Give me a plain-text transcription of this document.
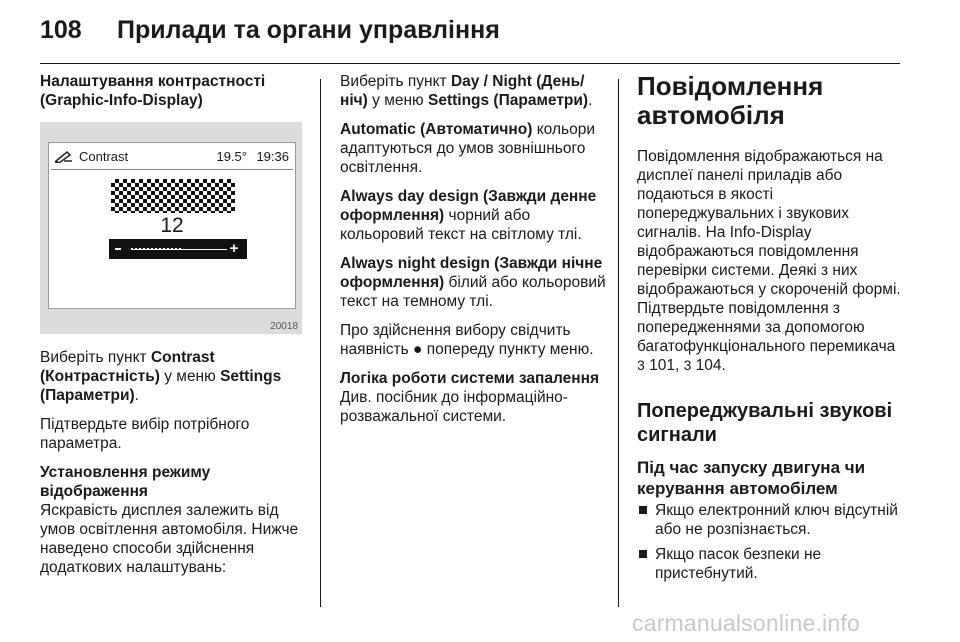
108 Прилади та органи управління

Налаштування контрастності (Graphic-Info-Display)

Contrast	19.5° 19:36
12
+
20018

Виберіть пункт Contrast (Контрастність) у меню Settings (Параметри).

Підтвердьте вибір потрібного параметра.

Установлення режиму відображення

Яскравість дисплея залежить від умов освітлення автомобіля. Нижче наведено способи здійснення додаткових налаштувань:

Виберіть пункт Day / Night (День/ніч) у меню Settings (Параметри).

Automatic (Автоматично) кольори адаптуються до умов зовнішнього освітлення.

Always day design (Завжди денне оформлення) чорний або кольоровий текст на світлому тлі.

Always night design (Завжди нічне оформлення) білий або кольоровий текст на темному тлі.

Про здійснення вибору свідчить наявність ● попереду пункту меню.

Логіка роботи системи запалення

Див. посібник до інформаційно-розважальної системи.

Повідомлення автомобіля

Повідомлення відображаються на дисплеї панелі приладів або подаються в якості попереджувальних і звукових сигналів. На Info-Display відображаються повідомлення перевірки системи. Деякі з них відображаються у скороченій формі. Підтвердьте повідомлення з попередженнями за допомогою багатофункціонального перемикача 3 101, 3 104.

Попереджувальні звукові сигнали
Під час запуску двигуна чи керування автомобілем
Якщо електронний ключ відсутній або не розпізнається.
Якщо пасок безпеки не пристебнутий.
carmanualsonline.info
